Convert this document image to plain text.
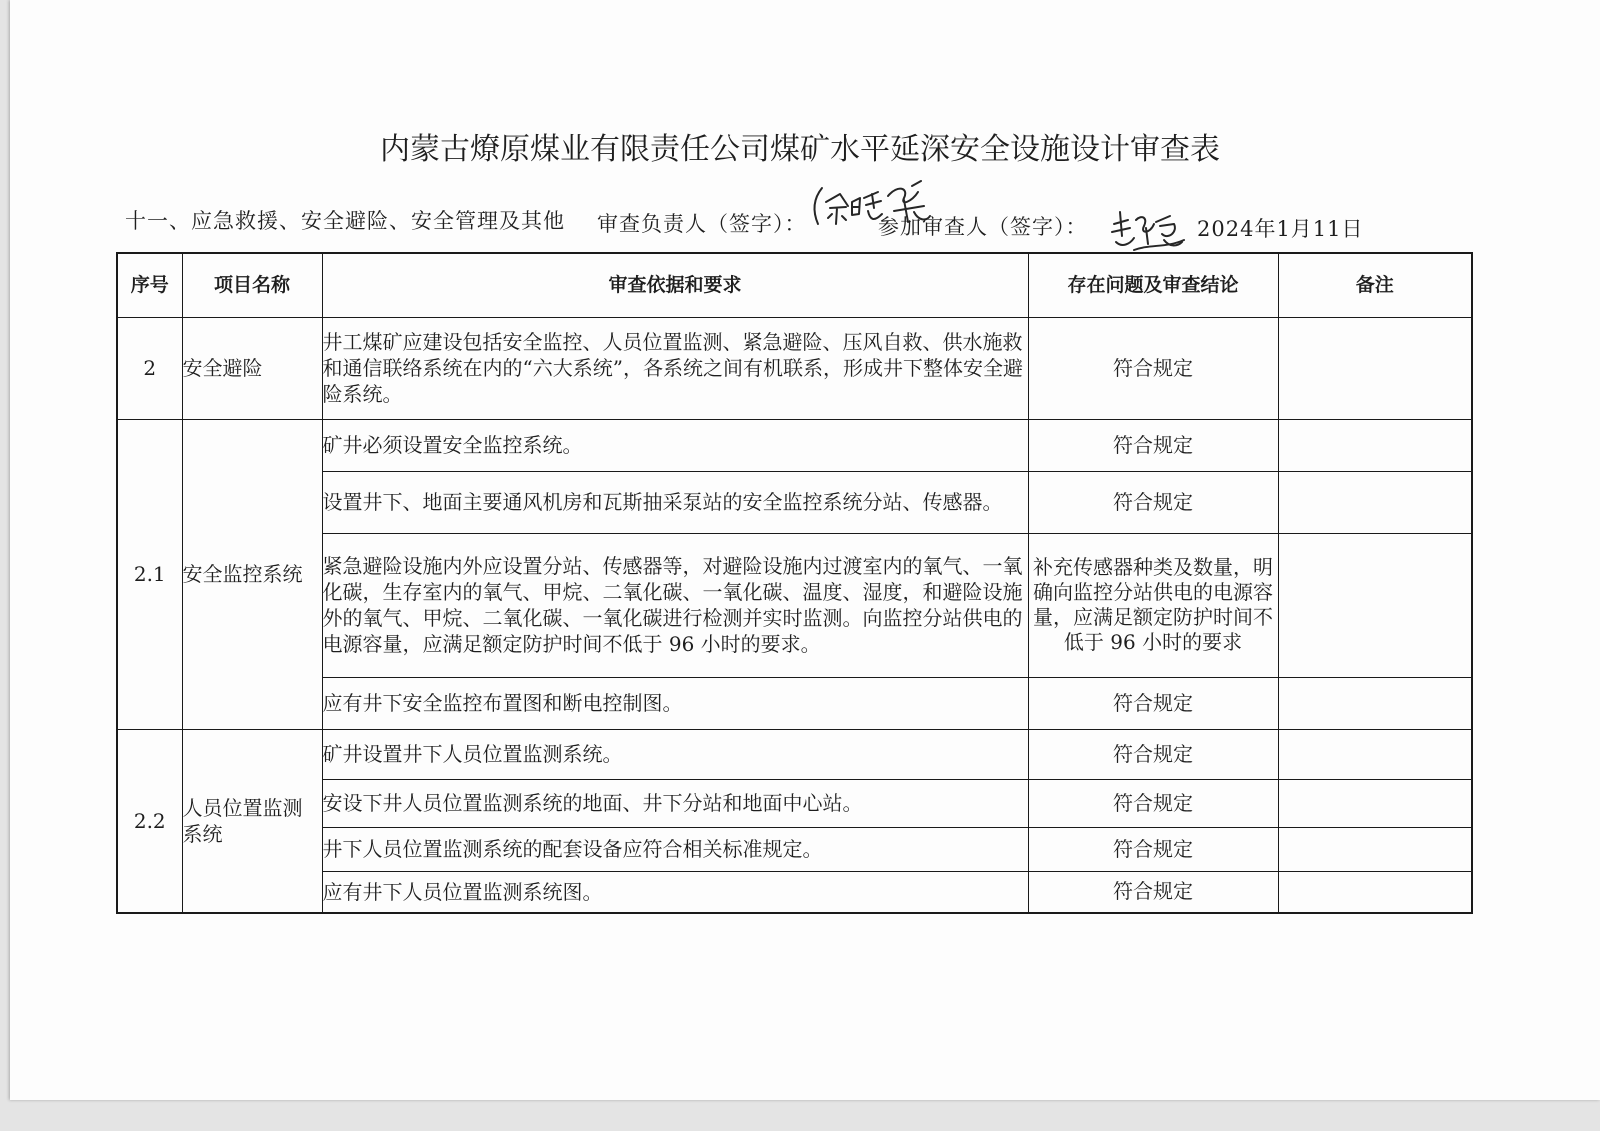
内蒙古燎原煤业有限责任公司煤矿水平延深安全设施设计审查表
十一、应急救援、安全避险、安全管理及其他 审查负责人（签字）：	参加审查人（签字）：	2024年1月11日
序号	项目名称	审查依据和要求	存在问题及审查结论	备注
2	安全避险	井工煤矿应建设包括安全监控、人员位置监测、紧急避险、压风自救、供水施救和通信联络系统在内的“六大系统”，各系统之间有机联系，形成井下整体安全避险系统。	符合规定	
2.1	安全监控系统	矿井必须设置安全监控系统。	符合规定	
		设置井下、地面主要通风机房和瓦斯抽采泵站的安全监控系统分站、传感器。	符合规定	
		紧急避险设施内外应设置分站、传感器等，对避险设施内过渡室内的氧气、一氧化碳，生存室内的氧气、甲烷、二氧化碳、一氧化碳、温度、湿度，和避险设施外的氧气、甲烷、二氧化碳、一氧化碳进行检测并实时监测。向监控分站供电的电源容量，应满足额定防护时间不低于 96 小时的要求。	补充传感器种类及数量，明确向监控分站供电的电源容量，应满足额定防护时间不低于 96 小时的要求	
		应有井下安全监控布置图和断电控制图。	符合规定	
2.2	人员位置监测系统	矿井设置井下人员位置监测系统。	符合规定	
		安设下井人员位置监测系统的地面、井下分站和地面中心站。	符合规定	
		井下人员位置监测系统的配套设备应符合相关标准规定。	符合规定	
		应有井下人员位置监测系统图。	符合规定	
